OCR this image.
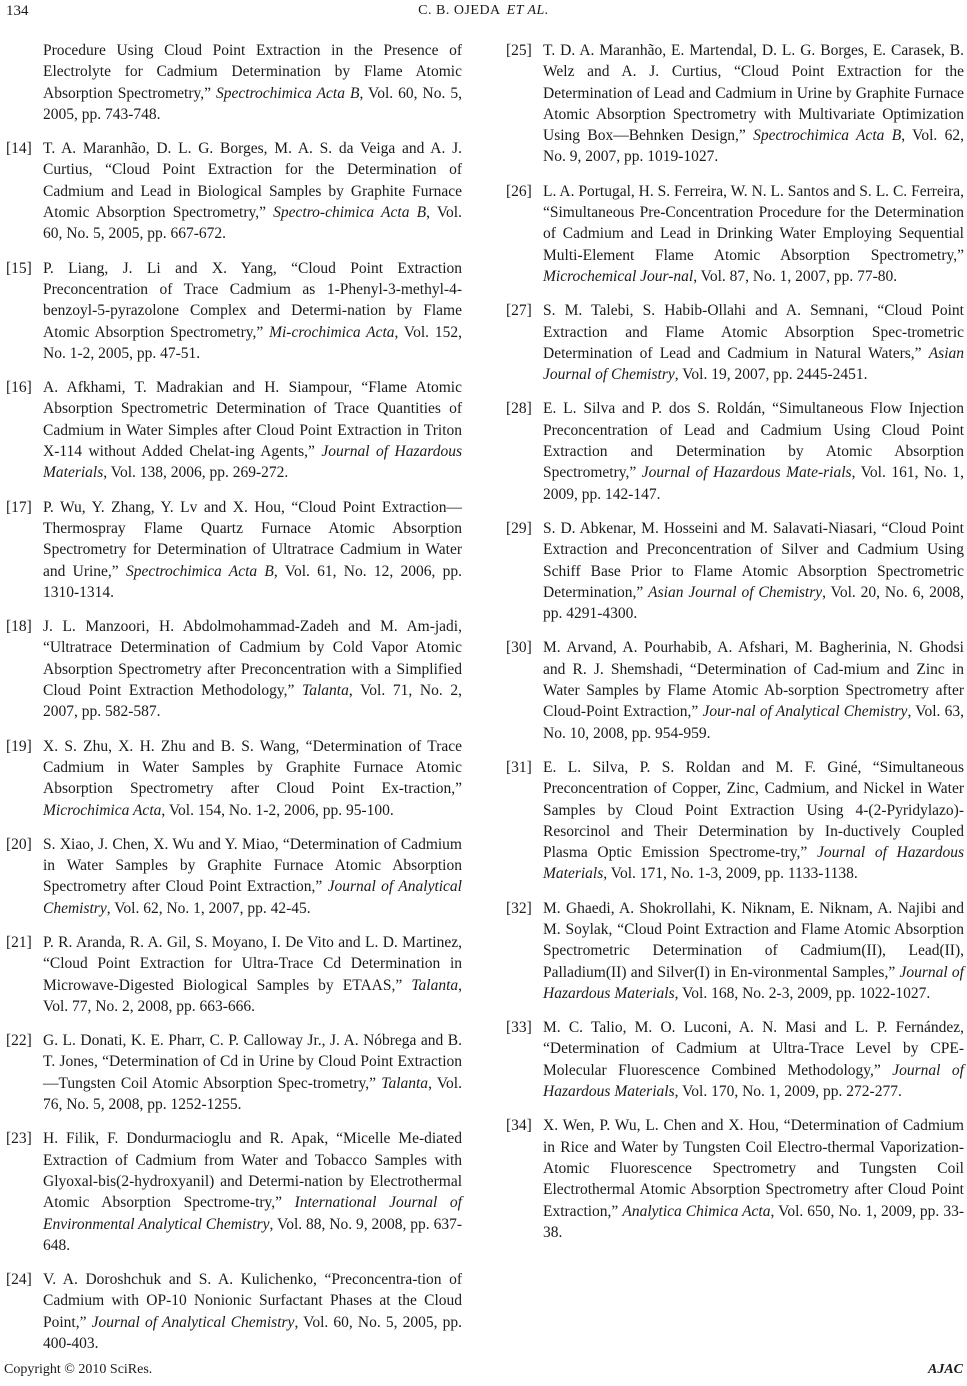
134	C. B. OJEDA ET AL.
Procedure Using Cloud Point Extraction in the Presence of Electrolyte for Cadmium Determination by Flame Atomic Absorption Spectrometry,” Spectrochimica Acta B, Vol. 60, No. 5, 2005, pp. 743-748.
[14] T. A. Maranhão, D. L. G. Borges, M. A. S. da Veiga and A. J. Curtius, “Cloud Point Extraction for the Determination of Cadmium and Lead in Biological Samples by Graphite Furnace Atomic Absorption Spectrometry,” Spectro-chimica Acta B, Vol. 60, No. 5, 2005, pp. 667-672.
[15] P. Liang, J. Li and X. Yang, “Cloud Point Extraction Preconcentration of Trace Cadmium as 1-Phenyl-3-methyl-4-benzoyl-5-pyrazolone Complex and Determi-nation by Flame Atomic Absorption Spectrometry,” Mi-crochimica Acta, Vol. 152, No. 1-2, 2005, pp. 47-51.
[16] A. Afkhami, T. Madrakian and H. Siampour, “Flame Atomic Absorption Spectrometric Determination of Trace Quantities of Cadmium in Water Simples after Cloud Point Extraction in Triton X-114 without Added Chelat-ing Agents,” Journal of Hazardous Materials, Vol. 138, 2006, pp. 269-272.
[17] P. Wu, Y. Zhang, Y. Lv and X. Hou, “Cloud Point Extraction—Thermospray Flame Quartz Furnace Atomic Absorption Spectrometry for Determination of Ultratrace Cadmium in Water and Urine,” Spectrochimica Acta B, Vol. 61, No. 12, 2006, pp. 1310-1314.
[18] J. L. Manzoori, H. Abdolmohammad-Zadeh and M. Am-jadi, “Ultratrace Determination of Cadmium by Cold Vapor Atomic Absorption Spectrometry after Preconcentration with a Simplified Cloud Point Extraction Methodology,” Talanta, Vol. 71, No. 2, 2007, pp. 582-587.
[19] X. S. Zhu, X. H. Zhu and B. S. Wang, “Determination of Trace Cadmium in Water Samples by Graphite Furnace Atomic Absorption Spectrometry after Cloud Point Ex-traction,” Microchimica Acta, Vol. 154, No. 1-2, 2006, pp. 95-100.
[20] S. Xiao, J. Chen, X. Wu and Y. Miao, “Determination of Cadmium in Water Samples by Graphite Furnace Atomic Absorption Spectrometry after Cloud Point Extraction,” Journal of Analytical Chemistry, Vol. 62, No. 1, 2007, pp. 42-45.
[21] P. R. Aranda, R. A. Gil, S. Moyano, I. De Vito and L. D. Martinez, “Cloud Point Extraction for Ultra-Trace Cd Determination in Microwave-Digested Biological Samples by ETAAS,” Talanta, Vol. 77, No. 2, 2008, pp. 663-666.
[22] G. L. Donati, K. E. Pharr, C. P. Calloway Jr., J. A. Nóbrega and B. T. Jones, “Determination of Cd in Urine by Cloud Point Extraction—Tungsten Coil Atomic Absorption Spec-trometry,” Talanta, Vol. 76, No. 5, 2008, pp. 1252-1255.
[23] H. Filik, F. Dondurmacioglu and R. Apak, “Micelle Me-diated Extraction of Cadmium from Water and Tobacco Samples with Glyoxal-bis(2-hydroxyanil) and Determi-nation by Electrothermal Atomic Absorption Spectrome-try,” International Journal of Environmental Analytical Chemistry, Vol. 88, No. 9, 2008, pp. 637-648.
[24] V. A. Doroshchuk and S. A. Kulichenko, “Preconcentra-tion of Cadmium with OP-10 Nonionic Surfactant Phases at the Cloud Point,” Journal of Analytical Chemistry, Vol. 60, No. 5, 2005, pp. 400-403.
[25] T. D. A. Maranhão, E. Martendal, D. L. G. Borges, E. Carasek, B. Welz and A. J. Curtius, “Cloud Point Extraction for the Determination of Lead and Cadmium in Urine by Graphite Furnace Atomic Absorption Spectrometry with Multivariate Optimization Using Box—Behnken Design,” Spectrochimica Acta B, Vol. 62, No. 9, 2007, pp. 1019-1027.
[26] L. A. Portugal, H. S. Ferreira, W. N. L. Santos and S. L. C. Ferreira, “Simultaneous Pre-Concentration Procedure for the Determination of Cadmium and Lead in Drinking Water Employing Sequential Multi-Element Flame Atomic Absorption Spectrometry,” Microchemical Jour-nal, Vol. 87, No. 1, 2007, pp. 77-80.
[27] S. M. Talebi, S. Habib-Ollahi and A. Semnani, “Cloud Point Extraction and Flame Atomic Absorption Spec-trometric Determination of Lead and Cadmium in Natural Waters,” Asian Journal of Chemistry, Vol. 19, 2007, pp. 2445-2451.
[28] E. L. Silva and P. dos S. Roldán, “Simultaneous Flow Injection Preconcentration of Lead and Cadmium Using Cloud Point Extraction and Determination by Atomic Absorption Spectrometry,” Journal of Hazardous Mate-rials, Vol. 161, No. 1, 2009, pp. 142-147.
[29] S. D. Abkenar, M. Hosseini and M. Salavati-Niasari, “Cloud Point Extraction and Preconcentration of Silver and Cadmium Using Schiff Base Prior to Flame Atomic Absorption Spectrometric Determination,” Asian Journal of Chemistry, Vol. 20, No. 6, 2008, pp. 4291-4300.
[30] M. Arvand, A. Pourhabib, A. Afshari, M. Bagherinia, N. Ghodsi and R. J. Shemshadi, “Determination of Cad-mium and Zinc in Water Samples by Flame Atomic Ab-sorption Spectrometry after Cloud-Point Extraction,” Jour-nal of Analytical Chemistry, Vol. 63, No. 10, 2008, pp. 954-959.
[31] E. L. Silva, P. S. Roldan and M. F. Giné, “Simultaneous Preconcentration of Copper, Zinc, Cadmium, and Nickel in Water Samples by Cloud Point Extraction Using 4-(2-Pyridylazo)-Resorcinol and Their Determination by In-ductively Coupled Plasma Optic Emission Spectrome-try,” Journal of Hazardous Materials, Vol. 171, No. 1-3, 2009, pp. 1133-1138.
[32] M. Ghaedi, A. Shokrollahi, K. Niknam, E. Niknam, A. Najibi and M. Soylak, “Cloud Point Extraction and Flame Atomic Absorption Spectrometric Determination of Cadmium(II), Lead(II), Palladium(II) and Silver(I) in En-vironmental Samples,” Journal of Hazardous Materials, Vol. 168, No. 2-3, 2009, pp. 1022-1027.
[33] M. C. Talio, M. O. Luconi, A. N. Masi and L. P. Fernández, “Determination of Cadmium at Ultra-Trace Level by CPE-Molecular Fluorescence Combined Methodology,” Journal of Hazardous Materials, Vol. 170, No. 1, 2009, pp. 272-277.
[34] X. Wen, P. Wu, L. Chen and X. Hou, “Determination of Cadmium in Rice and Water by Tungsten Coil Electro-thermal Vaporization-Atomic Fluorescence Spectrometry and Tungsten Coil Electrothermal Atomic Absorption Spectrometry after Cloud Point Extraction,” Analytica Chimica Acta, Vol. 650, No. 1, 2009, pp. 33-38.
Copyright © 2010 SciRes.	AJAC
